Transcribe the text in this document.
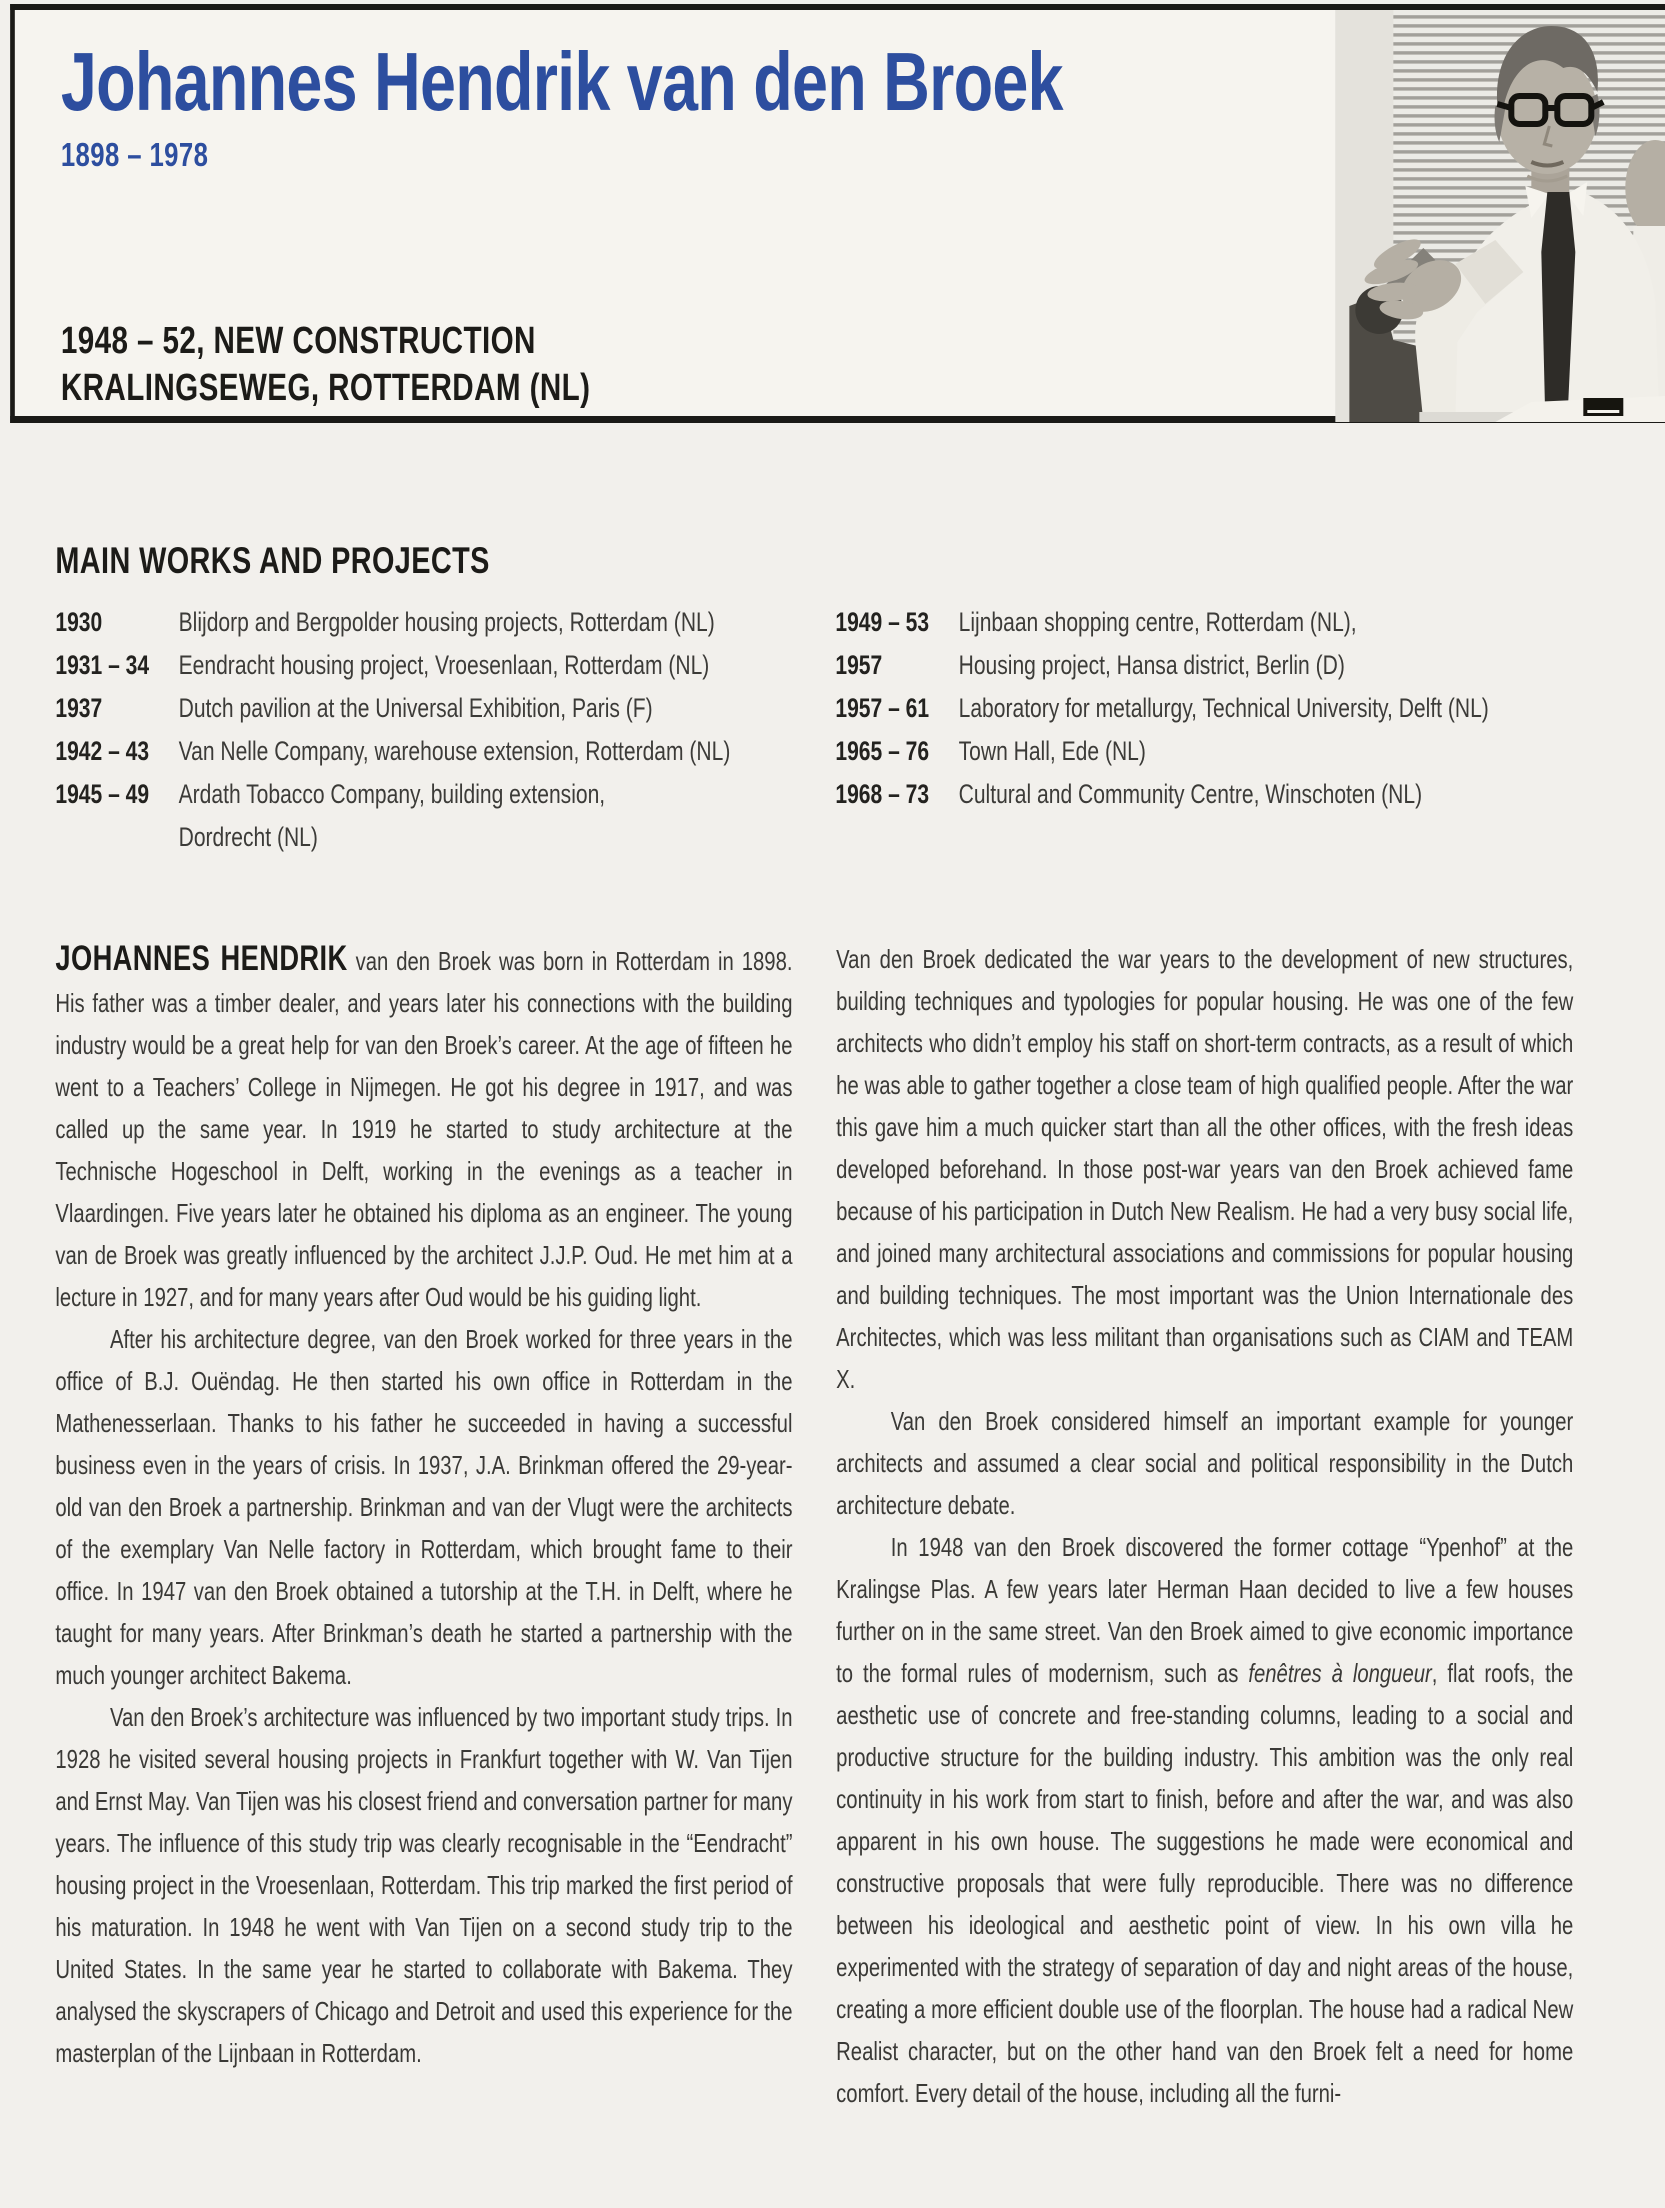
Johannes Hendrik van den Broek
1898 – 1978
1948 – 52, NEW CONSTRUCTION
KRALINGSEWEG, ROTTERDAM (NL)
MAIN WORKS AND PROJECTS
1930	Blijdorp and Bergpolder housing projects, Rotterdam (NL)
1931 – 34	Eendracht housing project, Vroesenlaan, Rotterdam (NL)
1937	Dutch pavilion at the Universal Exhibition, Paris (F)
1942 – 43	Van Nelle Company, warehouse extension, Rotterdam (NL)
1945 – 49	Ardath Tobacco Company, building extension,
Dordrecht (NL)
1949 – 53	Lijnbaan shopping centre, Rotterdam (NL),
1957	Housing project, Hansa district, Berlin (D)
1957 – 61	Laboratory for metallurgy, Technical University, Delft (NL)
1965 – 76	Town Hall, Ede (NL)
1968 – 73	Cultural and Community Centre, Winschoten (NL)

JOHANNES HENDRIK van den Broek was born in Rotterdam in 1898. His father was a timber dealer, and years later his connections with the building industry would be a great help for van den Broek’s career. At the age of fifteen he went to a Teachers’ College in Nijmegen. He got his degree in 1917, and was called up the same year. In 1919 he started to study architecture at the Technische Hogeschool in Delft, working in the evenings as a teacher in Vlaardingen. Five years later he obtained his diploma as an engineer. The young van de Broek was greatly influenced by the architect J.J.P. Oud. He met him at a lecture in 1927, and for many years after Oud would be his guiding light.

After his architecture degree, van den Broek worked for three years in the office of B.J. Ouëndag. He then started his own office in Rotterdam in the Mathenesserlaan. Thanks to his father he succeeded in having a successful business even in the years of crisis. In 1937, J.A. Brinkman offered the 29-year-old van den Broek a partnership. Brinkman and van der Vlugt were the architects of the exemplary Van Nelle factory in Rotterdam, which brought fame to their office. In 1947 van den Broek obtained a tutorship at the T.H. in Delft, where he taught for many years. After Brinkman’s death he started a partnership with the much younger architect Bakema.

Van den Broek’s architecture was influenced by two important study trips. In 1928 he visited several housing projects in Frankfurt together with W. Van Tijen and Ernst May. Van Tijen was his closest friend and conversation partner for many years. The influence of this study trip was clearly recognisable in the “Eendracht” housing project in the Vroesenlaan, Rotterdam. This trip marked the first period of his maturation. In 1948 he went with Van Tijen on a second study trip to the United States. In the same year he started to collaborate with Bakema. They analysed the skyscrapers of Chicago and Detroit and used this experience for the masterplan of the Lijnbaan in Rotterdam.

Van den Broek dedicated the war years to the development of new structures, building techniques and typologies for popular housing. He was one of the few architects who didn’t employ his staff on short-term contracts, as a result of which he was able to gather together a close team of high qualified people. After the war this gave him a much quicker start than all the other offices, with the fresh ideas developed beforehand. In those post-war years van den Broek achieved fame because of his participation in Dutch New Realism. He had a very busy social life, and joined many architectural associations and commissions for popular housing and building techniques. The most important was the Union Internationale des Architectes, which was less militant than organisations such as CIAM and TEAM X.

Van den Broek considered himself an important example for younger architects and assumed a clear social and political responsibility in the Dutch architecture debate.

In 1948 van den Broek discovered the former cottage “Ypenhof” at the Kralingse Plas. A few years later Herman Haan decided to live a few houses further on in the same street. Van den Broek aimed to give economic importance to the formal rules of modernism, such as fenêtres à longueur, flat roofs, the aesthetic use of concrete and free-standing columns, leading to a social and productive structure for the building industry. This ambition was the only real continuity in his work from start to finish, before and after the war, and was also apparent in his own house. The suggestions he made were economical and constructive proposals that were fully reproducible. There was no difference between his ideological and aesthetic point of view. In his own villa he experimented with the strategy of separation of day and night areas of the house, creating a more efficient double use of the floorplan. The house had a radical New Realist character, but on the other hand van den Broek felt a need for home comfort. Every detail of the house, including all the furni-
